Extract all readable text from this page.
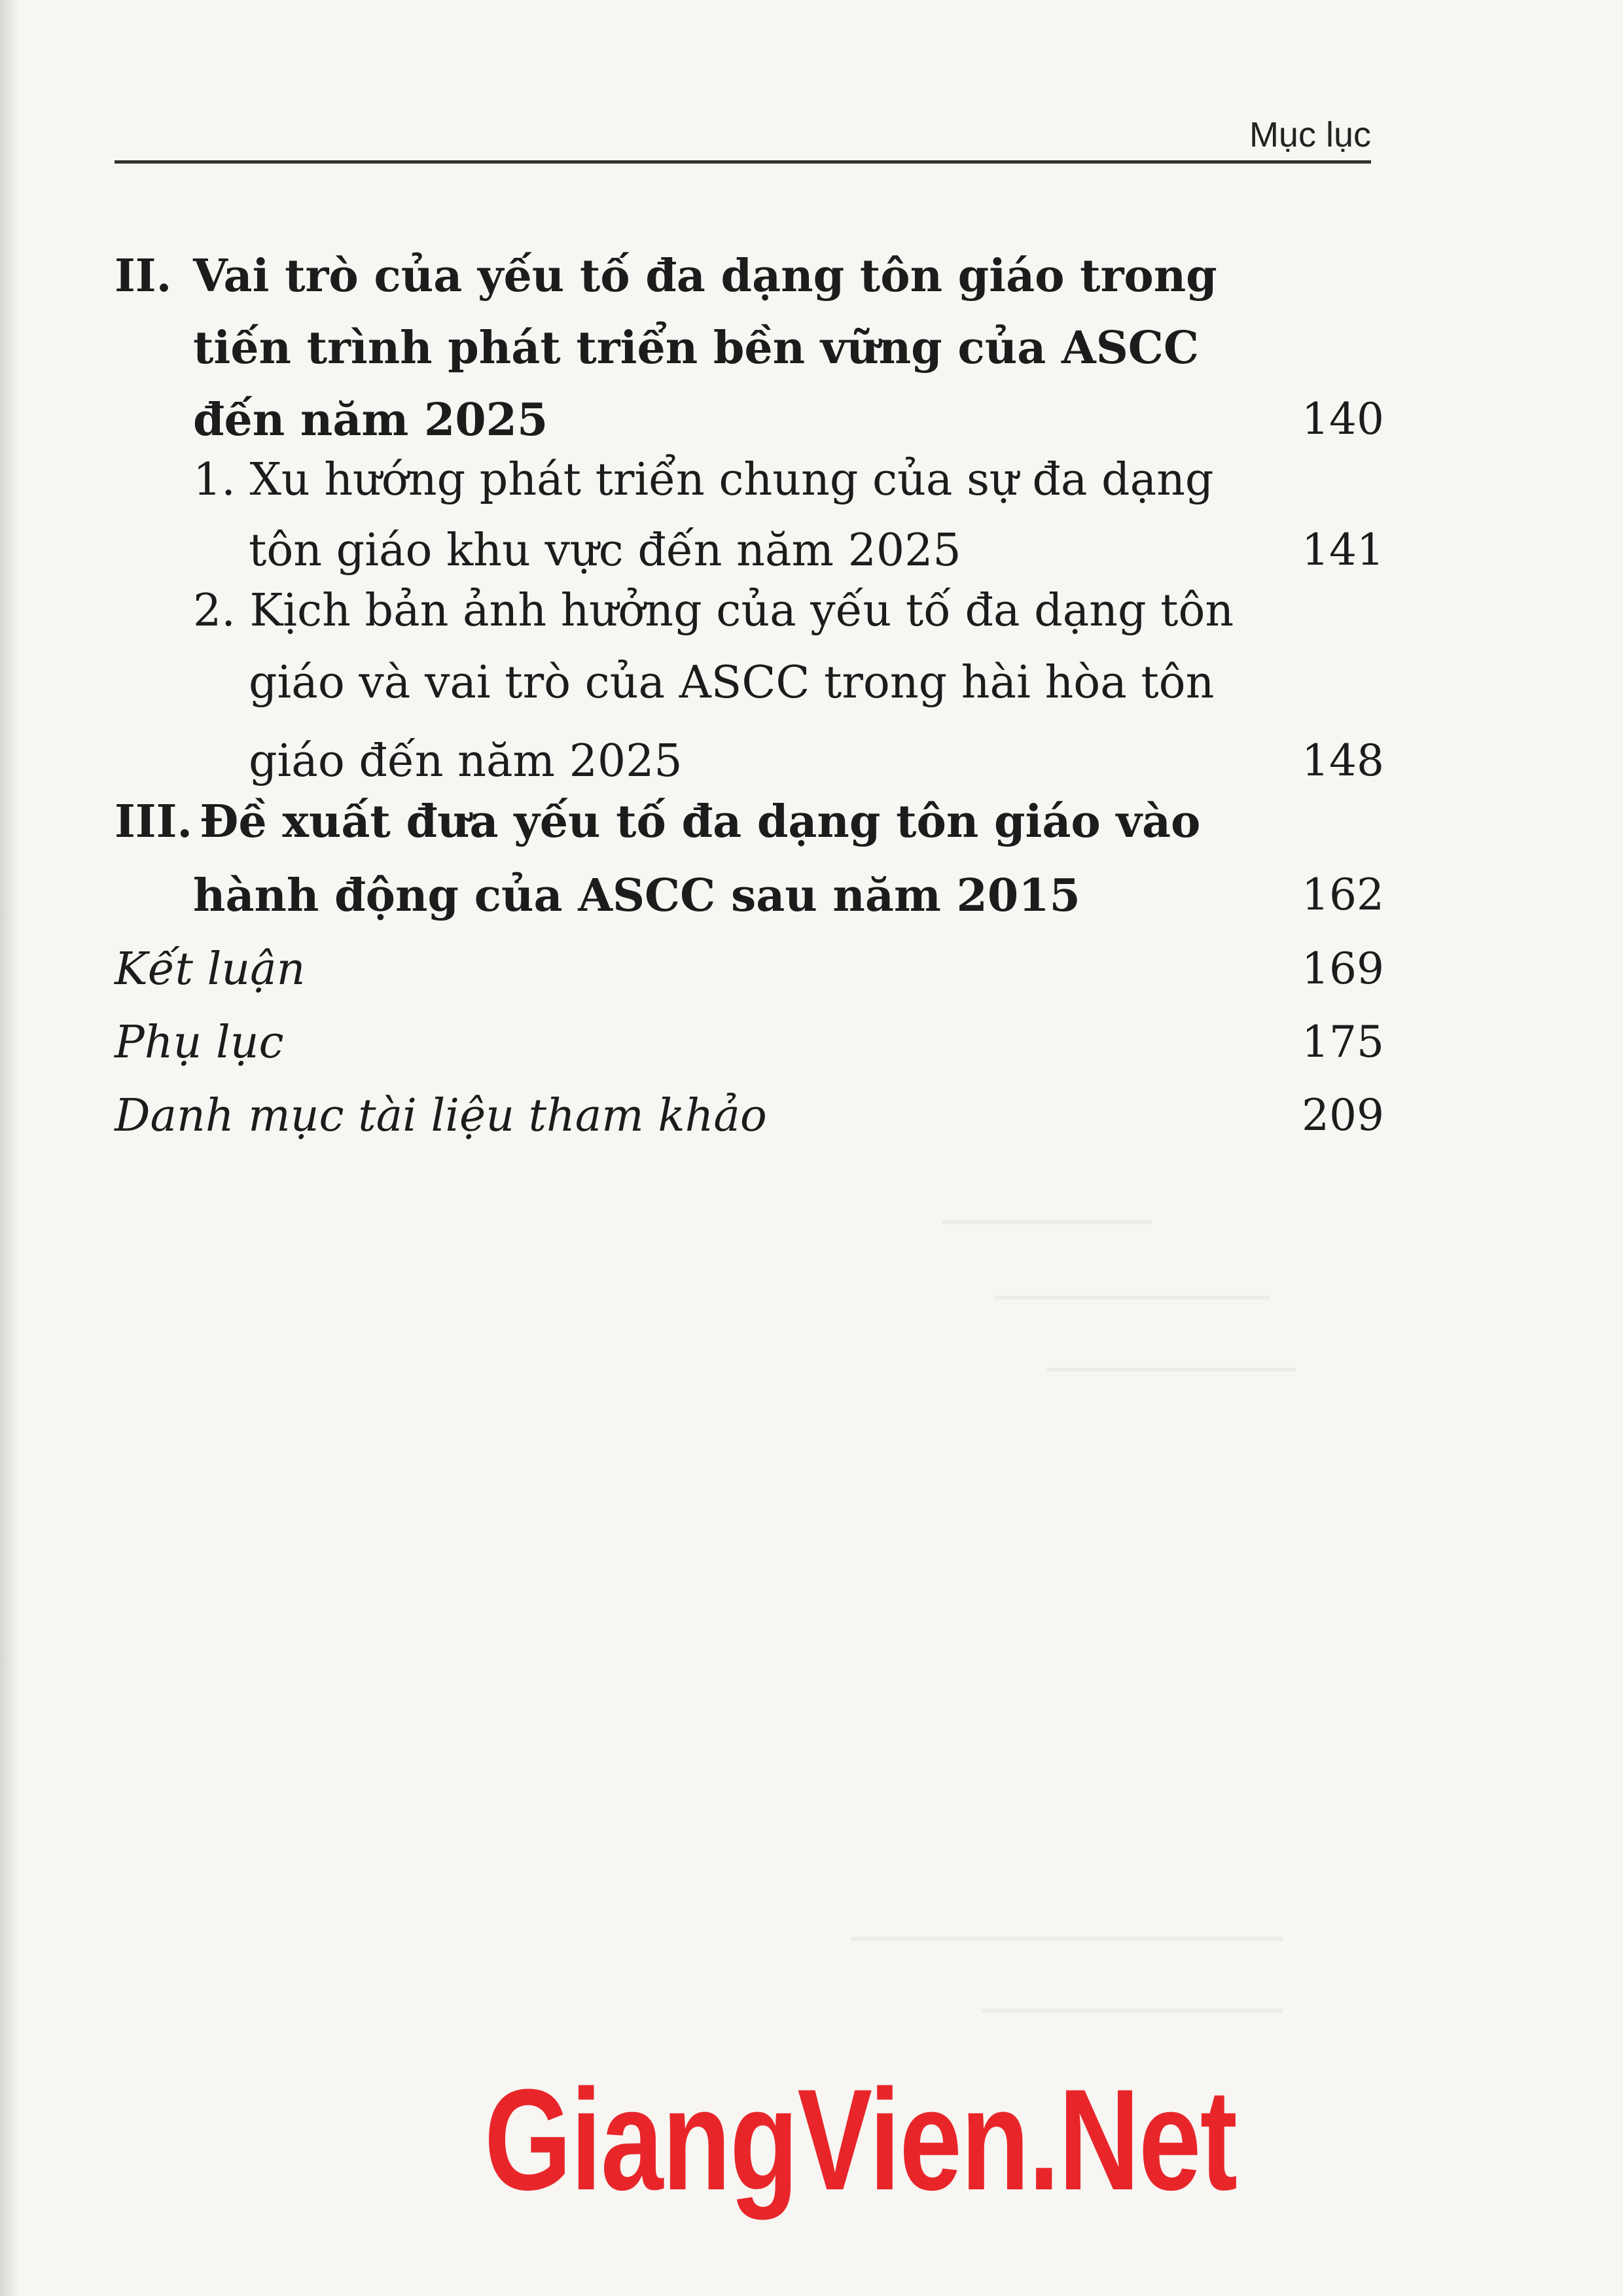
Mục lục
II. Vai trò của yếu tố đa dạng tôn giáo trong
tiến trình phát triển bền vững của ASCC
đến năm 2025	140
1. Xu hướng phát triển chung của sự đa dạng
tôn giáo khu vực đến năm 2025	141
2. Kịch bản ảnh hưởng của yếu tố đa dạng tôn
giáo và vai trò của ASCC trong hài hòa tôn
giáo đến năm 2025	148
III. Đề xuất đưa yếu tố đa dạng tôn giáo vào
hành động của ASCC sau năm 2015	162
Kết luận	169
Phụ lục	175
Danh mục tài liệu tham khảo	209
GiangVien.Net
